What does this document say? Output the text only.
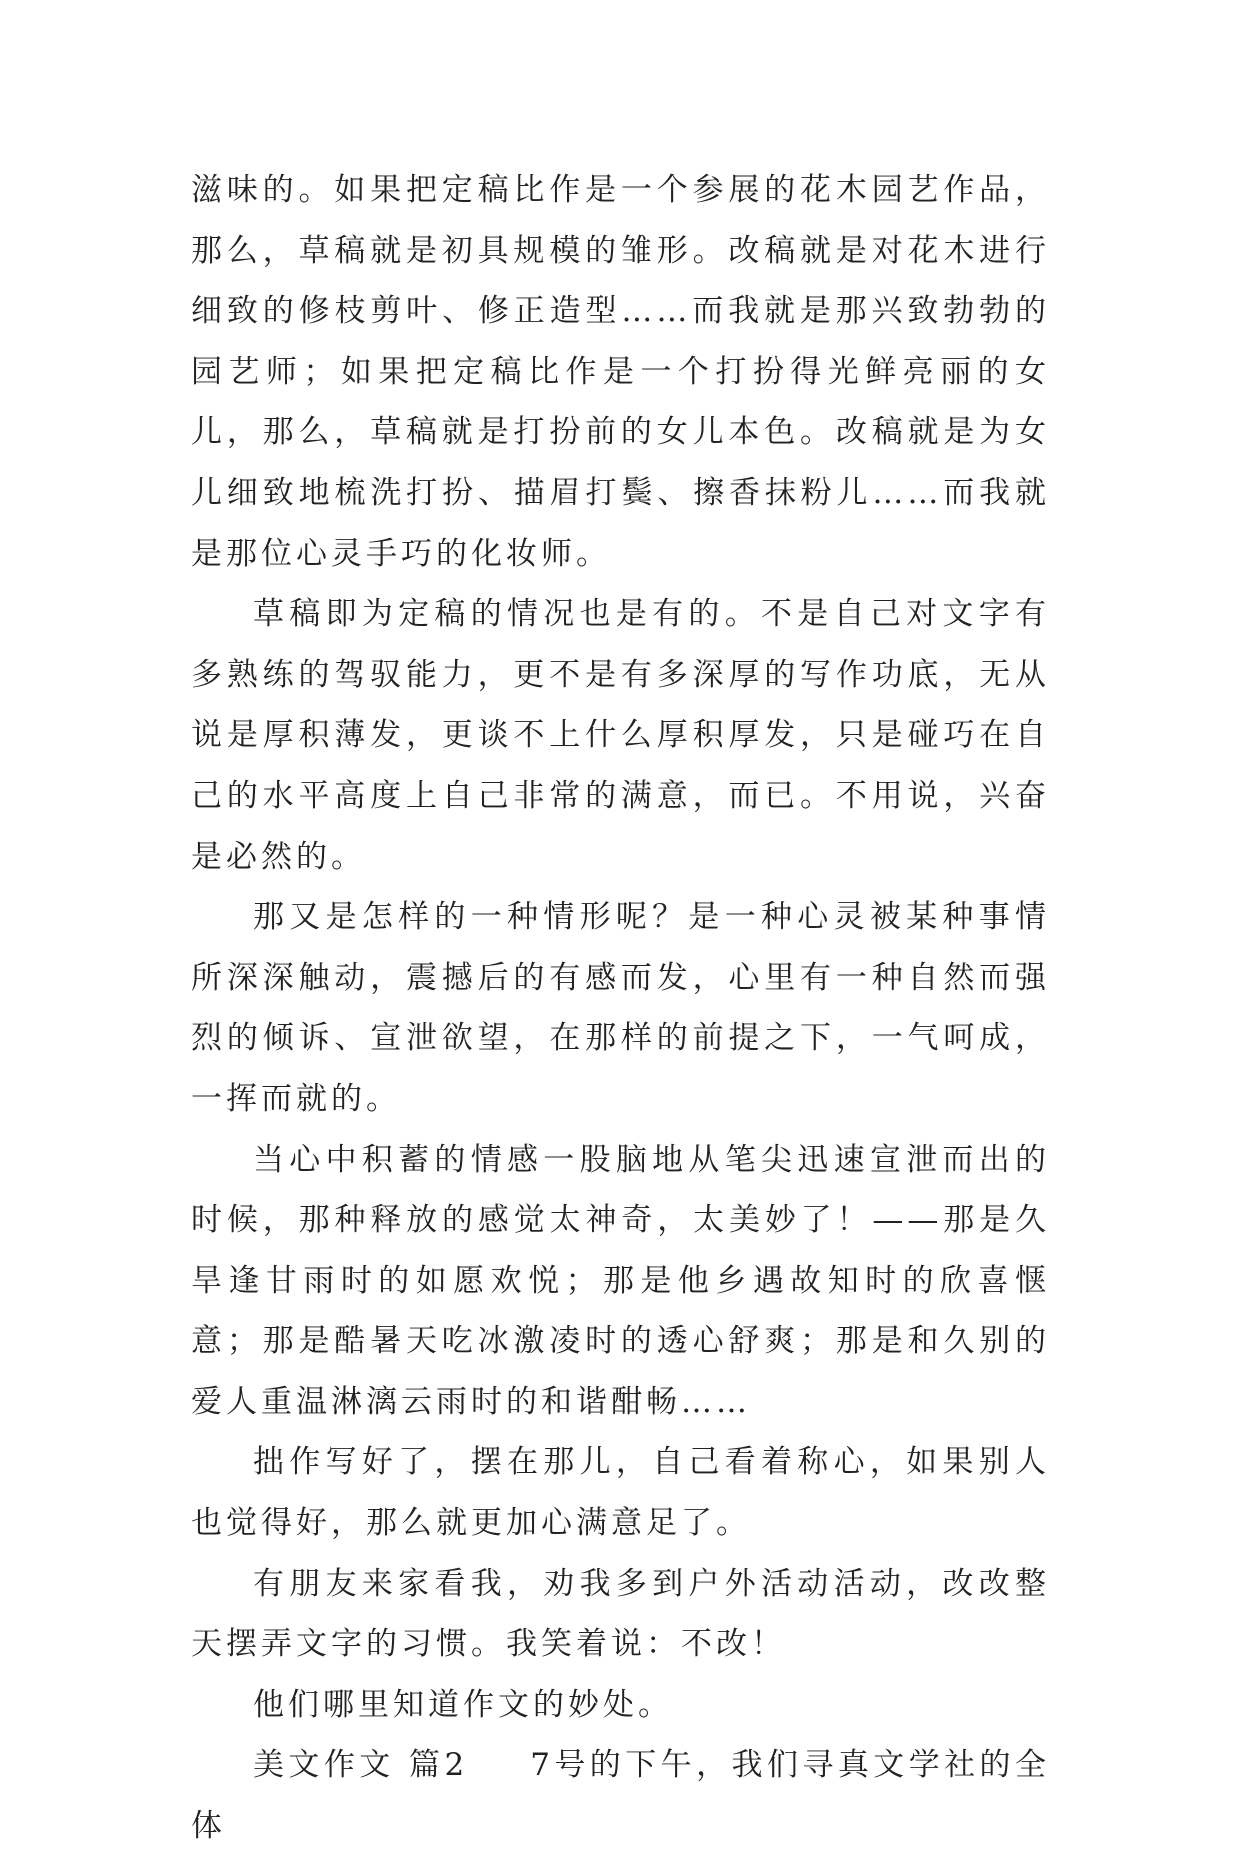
滋味的。如果把定稿比作是一个参展的花木园艺作品，那么，草稿就是初具规模的雏形。改稿就是对花木进行细致的修枝剪叶、修正造型……而我就是那兴致勃勃的园艺师；如果把定稿比作是一个打扮得光鲜亮丽的女儿，那么，草稿就是打扮前的女儿本色。改稿就是为女儿细致地梳洗打扮、描眉打鬓、擦香抹粉儿……而我就是那位心灵手巧的化妆师。

草稿即为定稿的情况也是有的。不是自己对文字有多熟练的驾驭能力，更不是有多深厚的写作功底，无从说是厚积薄发，更谈不上什么厚积厚发，只是碰巧在自己的水平高度上自己非常的满意，而已。不用说，兴奋是必然的。

那又是怎样的一种情形呢？是一种心灵被某种事情所深深触动，震撼后的有感而发，心里有一种自然而强烈的倾诉、宣泄欲望，在那样的前提之下，一气呵成，一挥而就的。

当心中积蓄的情感一股脑地从笔尖迅速宣泄而出的时候，那种释放的感觉太神奇，太美妙了！——那是久旱逢甘雨时的如愿欢悦；那是他乡遇故知时的欣喜惬意；那是酷暑天吃冰激凌时的透心舒爽；那是和久别的爱人重温淋漓云雨时的和谐酣畅……

拙作写好了，摆在那儿，自己看着称心，如果别人也觉得好，那么就更加心满意足了。

有朋友来家看我，劝我多到户外活动活动，改改整天摆弄文字的习惯。我笑着说：不改！

他们哪里知道作文的妙处。

美文作文 篇2 7号的下午，我们寻真文学社的全体
